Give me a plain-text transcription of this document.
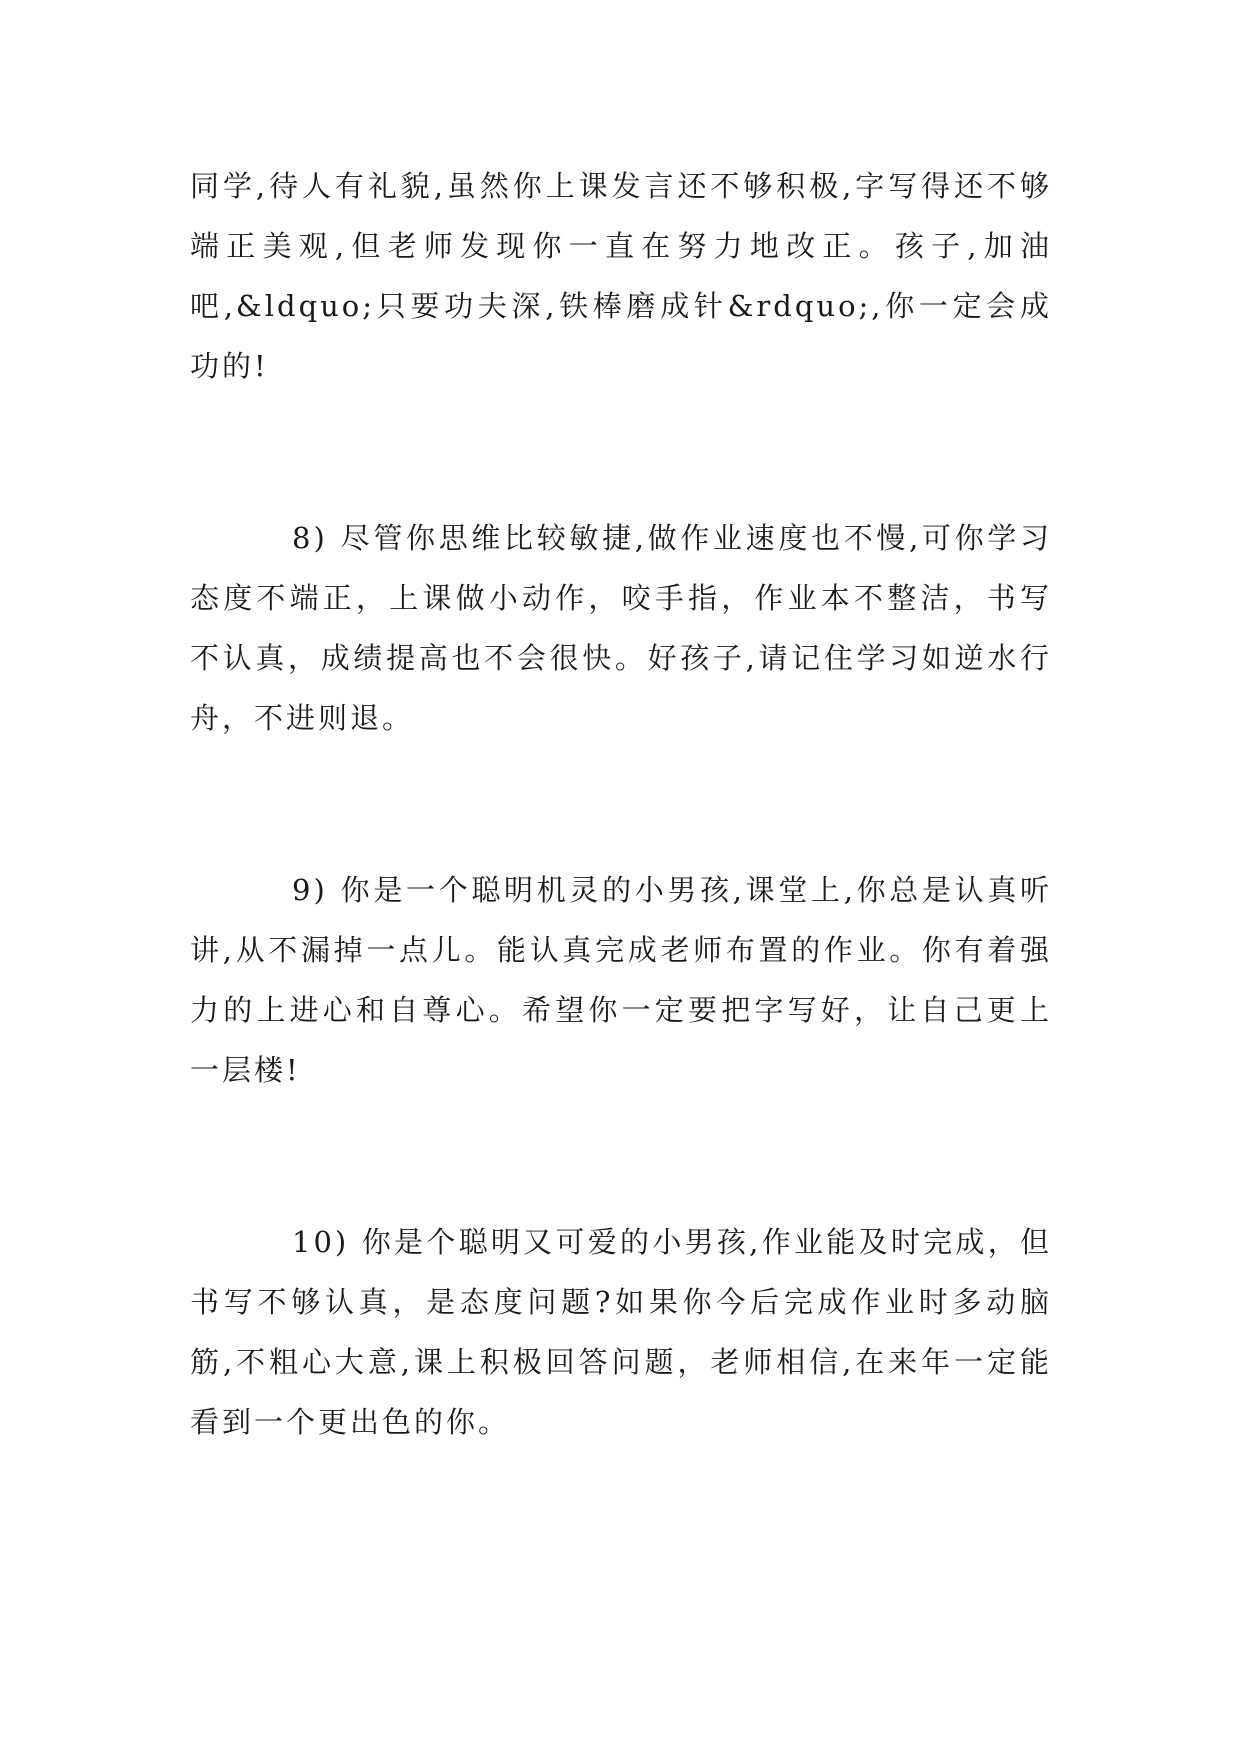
同学,待人有礼貌,虽然你上课发言还不够积极,字写得还不够端正美观,但老师发现你一直在努力地改正。孩子,加油吧,&ldquo;只要功夫深,铁棒磨成针&rdquo;,你一定会成功的!

8) 尽管你思维比较敏捷,做作业速度也不慢,可你学习态度不端正，上课做小动作，咬手指，作业本不整洁，书写不认真，成绩提高也不会很快。好孩子,请记住学习如逆水行舟，不进则退。

9) 你是一个聪明机灵的小男孩,课堂上,你总是认真听讲,从不漏掉一点儿。能认真完成老师布置的作业。你有着强力的上进心和自尊心。希望你一定要把字写好，让自己更上一层楼!

10) 你是个聪明又可爱的小男孩,作业能及时完成，但书写不够认真，是态度问题?如果你今后完成作业时多动脑筋,不粗心大意,课上积极回答问题，老师相信,在来年一定能看到一个更出色的你。
